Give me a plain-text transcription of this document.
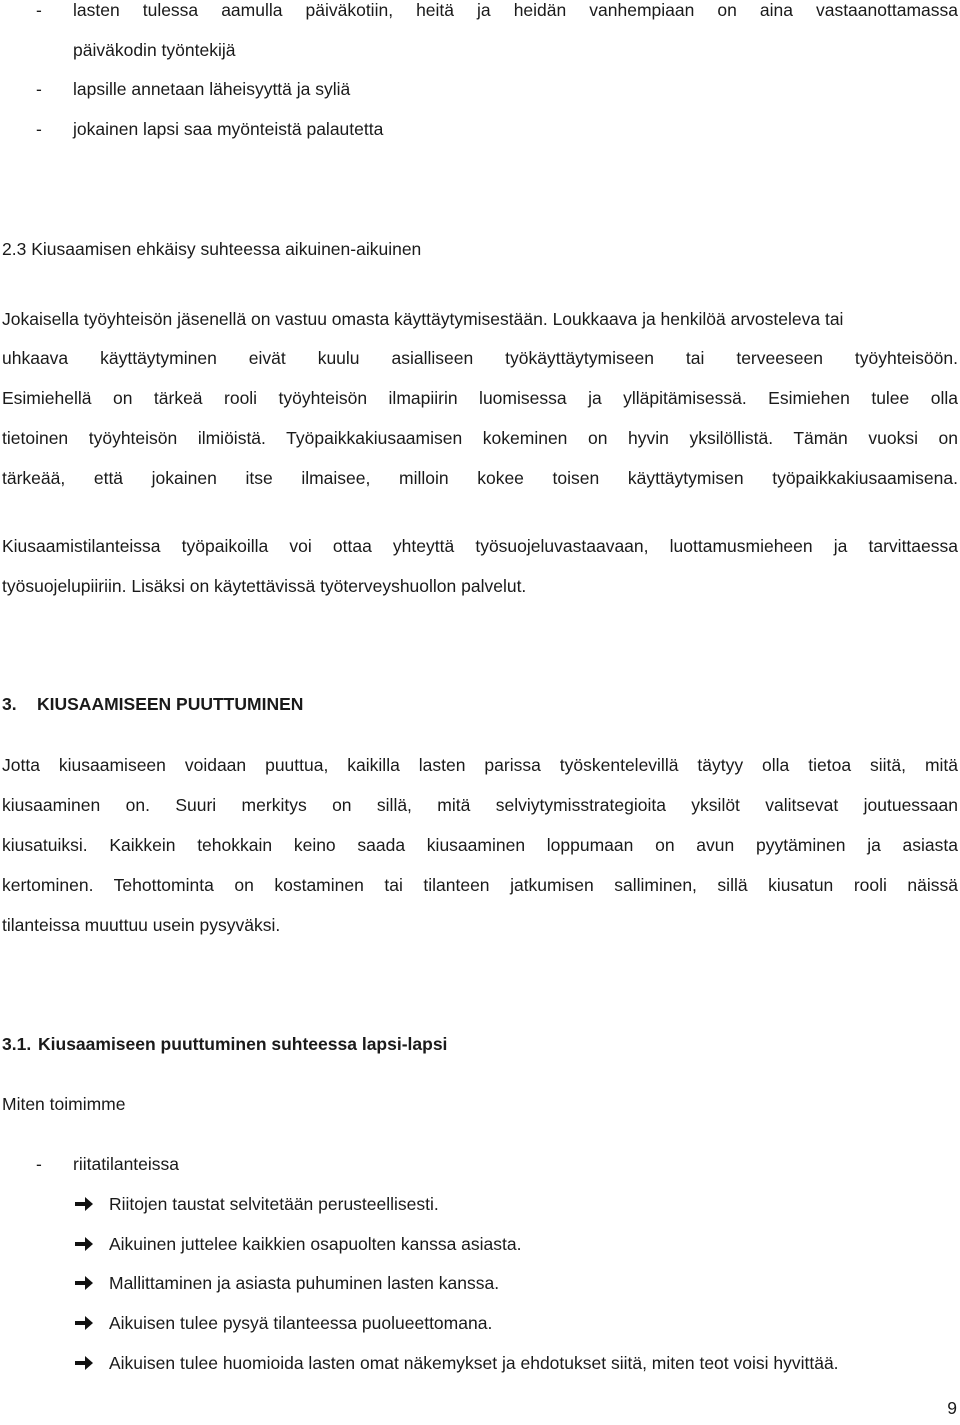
- lasten tulessa aamulla päiväkotiin, heitä ja heidän vanhempiaan on aina vastaanottamassa
päiväkodin työntekijä
- lapsille annetaan läheisyyttä ja syliä
- jokainen lapsi saa myönteistä palautetta
2.3 Kiusaamisen ehkäisy suhteessa aikuinen-aikuinen
Jokaisella työyhteisön jäsenellä on vastuu omasta käyttäytymisestään. Loukkaava ja henkilöä arvosteleva tai
uhkaava käyttäytyminen eivät kuulu asialliseen työkäyttäytymiseen tai terveeseen työyhteisöön.
Esimiehellä on tärkeä rooli työyhteisön ilmapiirin luomisessa ja ylläpitämisessä. Esimiehen tulee olla
tietoinen työyhteisön ilmiöistä. Työpaikkakiusaamisen kokeminen on hyvin yksilöllistä. Tämän vuoksi on
tärkeää, että jokainen itse ilmaisee, milloin kokee toisen käyttäytymisen työpaikkakiusaamisena.
Kiusaamistilanteissa työpaikoilla voi ottaa yhteyttä työsuojeluvastaavaan, luottamusmieheen ja tarvittaessa
työsuojelupiiriin. Lisäksi on käytettävissä työterveyshuollon palvelut.
3. KIUSAAMISEEN PUUTTUMINEN
Jotta kiusaamiseen voidaan puuttua, kaikilla lasten parissa työskentelevillä täytyy olla tietoa siitä, mitä
kiusaaminen on. Suuri merkitys on sillä, mitä selviytymisstrategioita yksilöt valitsevat joutuessaan
kiusatuiksi. Kaikkein tehokkain keino saada kiusaaminen loppumaan on avun pyytäminen ja asiasta
kertominen. Tehottominta on kostaminen tai tilanteen jatkumisen salliminen, sillä kiusatun rooli näissä
tilanteissa muuttuu usein pysyväksi.
3.1. Kiusaamiseen puuttuminen suhteessa lapsi-lapsi
Miten toimimme
- riitatilanteissa
Riitojen taustat selvitetään perusteellisesti.
Aikuinen juttelee kaikkien osapuolten kanssa asiasta.
Mallittaminen ja asiasta puhuminen lasten kanssa.
Aikuisen tulee pysyä tilanteessa puolueettomana.
Aikuisen tulee huomioida lasten omat näkemykset ja ehdotukset siitä, miten teot voisi hyvittää.
9
